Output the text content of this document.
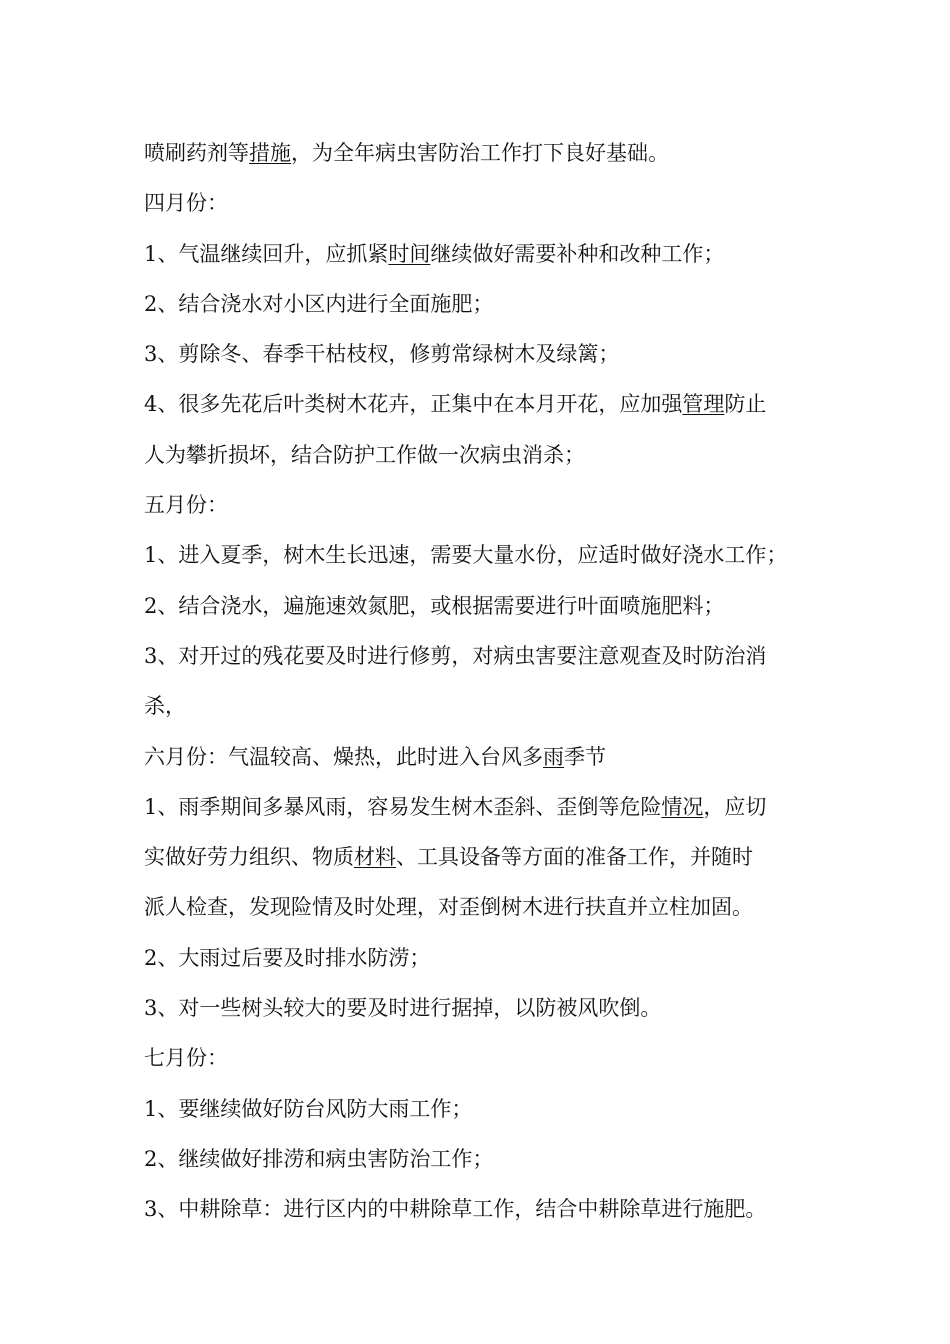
喷刷药剂等措施，为全年病虫害防治工作打下良好基础。
四月份：
1、气温继续回升，应抓紧时间继续做好需要补种和改种工作；
2、结合浇水对小区内进行全面施肥；
3、剪除冬、春季干枯枝杈，修剪常绿树木及绿篱；
4、很多先花后叶类树木花卉，正集中在本月开花，应加强管理防止
人为攀折损坏，结合防护工作做一次病虫消杀；
五月份：
1、进入夏季，树木生长迅速，需要大量水份，应适时做好浇水工作；
2、结合浇水，遍施速效氮肥，或根据需要进行叶面喷施肥料；
3、对开过的残花要及时进行修剪，对病虫害要注意观查及时防治消
杀，
六月份：气温较高、燥热，此时进入台风多雨季节
1、雨季期间多暴风雨，容易发生树木歪斜、歪倒等危险情况，应切
实做好劳力组织、物质材料、工具设备等方面的准备工作，并随时
派人检查，发现险情及时处理，对歪倒树木进行扶直并立柱加固。
2、大雨过后要及时排水防涝；
3、对一些树头较大的要及时进行据掉，以防被风吹倒。
七月份：
1、要继续做好防台风防大雨工作；
2、继续做好排涝和病虫害防治工作；
3、中耕除草：进行区内的中耕除草工作，结合中耕除草进行施肥。
